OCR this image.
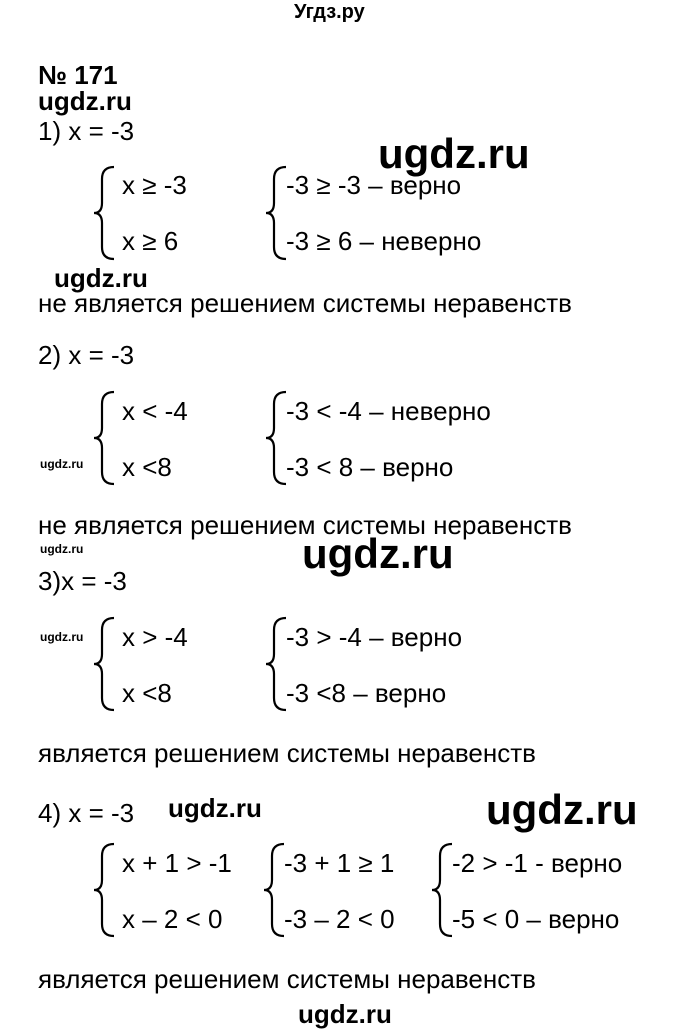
Угдз.ру
№ 171
ugdz.ru
ugdz.ru
ugdz.ru
ugdz.ru
ugdz.ru	ugdz.ru
ugdz.ru
ugdz.ru	ugdz.ru
ugdz.ru
1) x = -3
x ≥ -3
x ≥ 6
-3 ≥ -3 – верно
-3 ≥ 6 – неверно
не является решением системы неравенств
2) x = -3
x < -4
x <8
-3 < -4 – неверно
-3 < 8 – верно
не является решением системы неравенств
3)x = -3
x > -4
x <8
-3 > -4 – верно
-3 <8 – верно
является решением системы неравенств
4) x = -3
x + 1 > -1
x – 2 < 0
-3 + 1 ≥ 1
-3 – 2 < 0
-2 > -1 - верно
-5 < 0 – верно
является решением системы неравенств
